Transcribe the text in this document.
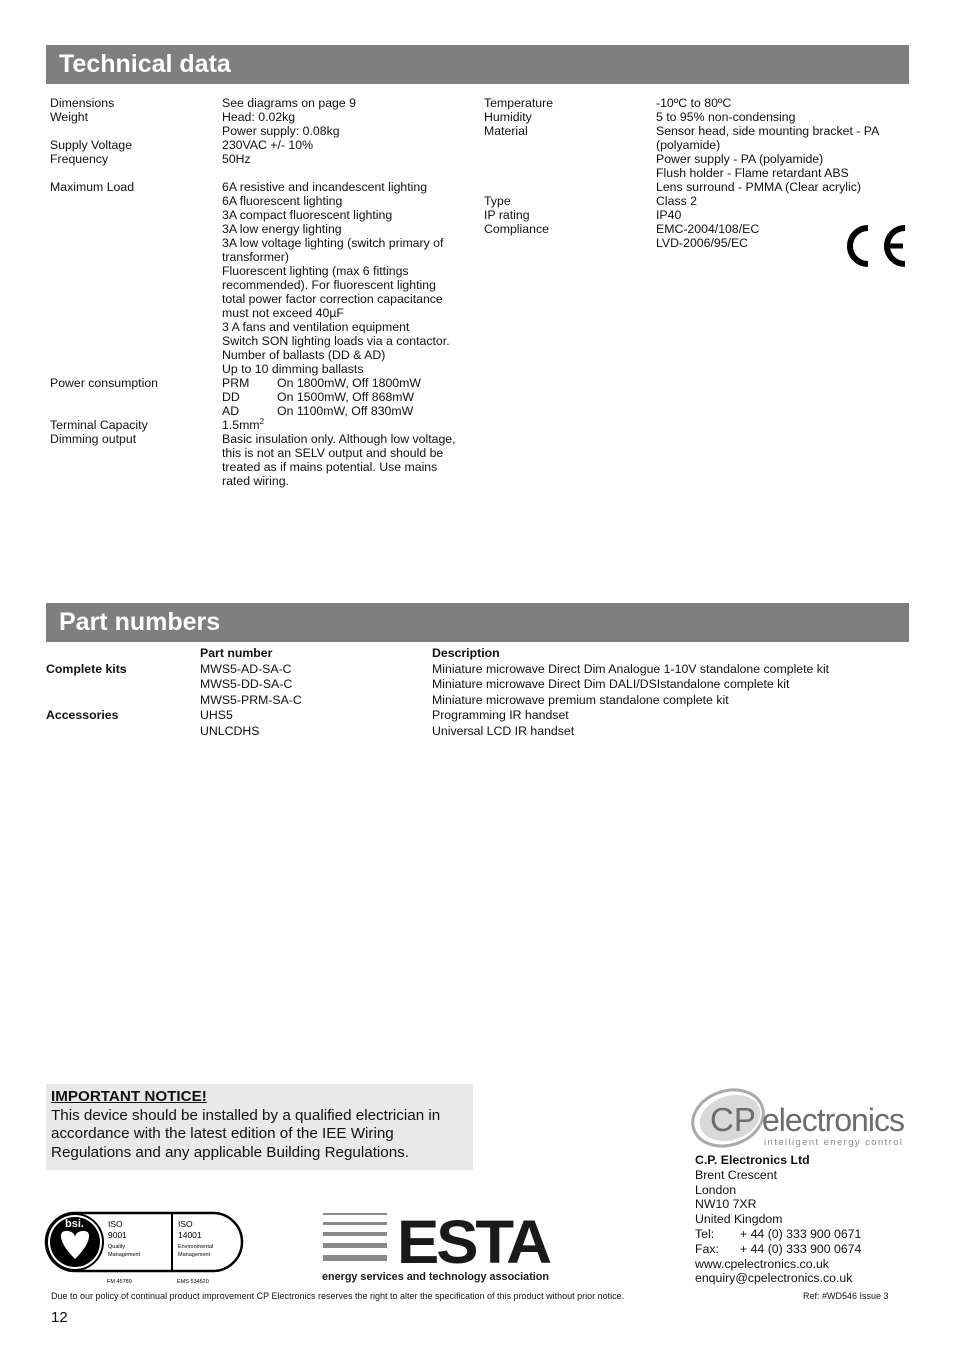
Technical data
Dimensions	See diagrams on page 9
Weight	Head: 0.02kg
Power supply: 0.08kg
Supply Voltage	230VAC +/- 10%
Frequency	50Hz
Maximum Load	6A resistive and incandescent lighting
6A fluorescent lighting
3A compact fluorescent lighting
3A low energy lighting
3A low voltage lighting (switch primary of
transformer)
Fluorescent lighting (max 6 fittings
recommended). For fluorescent lighting
total power factor correction capacitance
must not exceed 40µF
3 A fans and ventilation equipment
Switch SON lighting loads via a contactor.
Number of ballasts (DD & AD)
Up to 10 dimming ballasts
Power consumption	PRM	On 1800mW, Off 1800mW
DD	On 1500mW, Off 868mW
AD	On 1100mW, Off 830mW
Terminal Capacity	$1.5mm^2$
Dimming output	Basic insulation only. Although low voltage,
this is not an SELV output and should be
treated as if mains potential. Use mains
rated wiring.
Temperature	-10ºC to 80ºC
Humidity	5 to 95% non-condensing
Material	Sensor head, side mounting bracket - PA
(polyamide)
Power supply - PA (polyamide)
Flush holder - Flame retardant ABS
Lens surround - PMMA (Clear acrylic)
Type	Class 2
IP rating	IP40
Compliance	EMC-2004/108/EC
LVD-2006/95/EC
Part numbers
Part number	Description
Complete kits	MWS5-AD-SA-C	Miniature microwave Direct Dim Analogue 1-10V standalone complete kit
MWS5-DD-SA-C	Miniature microwave Direct Dim DALI/DSIstandalone complete kit
MWS5-PRM-SA-C	Miniature microwave premium standalone complete kit
Accessories	UHS5	Programming IR handset
UNLCDHS	Universal LCD IR handset
IMPORTANT NOTICE!
This device should be installed by a qualified electrician in accordance with the latest edition of the IEE Wiring Regulations and any applicable Building Regulations.
CP electronics
intelligent energy control
C.P. Electronics Ltd
Brent Crescent
London
NW10 7XR
United Kingdom
Tel:	+ 44 (0) 333 900 0671
Fax:	+ 44 (0) 333 900 0674
www.cpelectronics.co.uk
enquiry@cpelectronics.co.uk
bsi.	ISO
9001
Quality
Management
ISO
14001
Environmental
Management
FM 45789	EMS 534520
ESTA
energy services and technology association
Due to our policy of continual product improvement CP Electronics reserves the right to alter the specification of this product without prior notice.	Ref: #WD546 Issue 3
12
